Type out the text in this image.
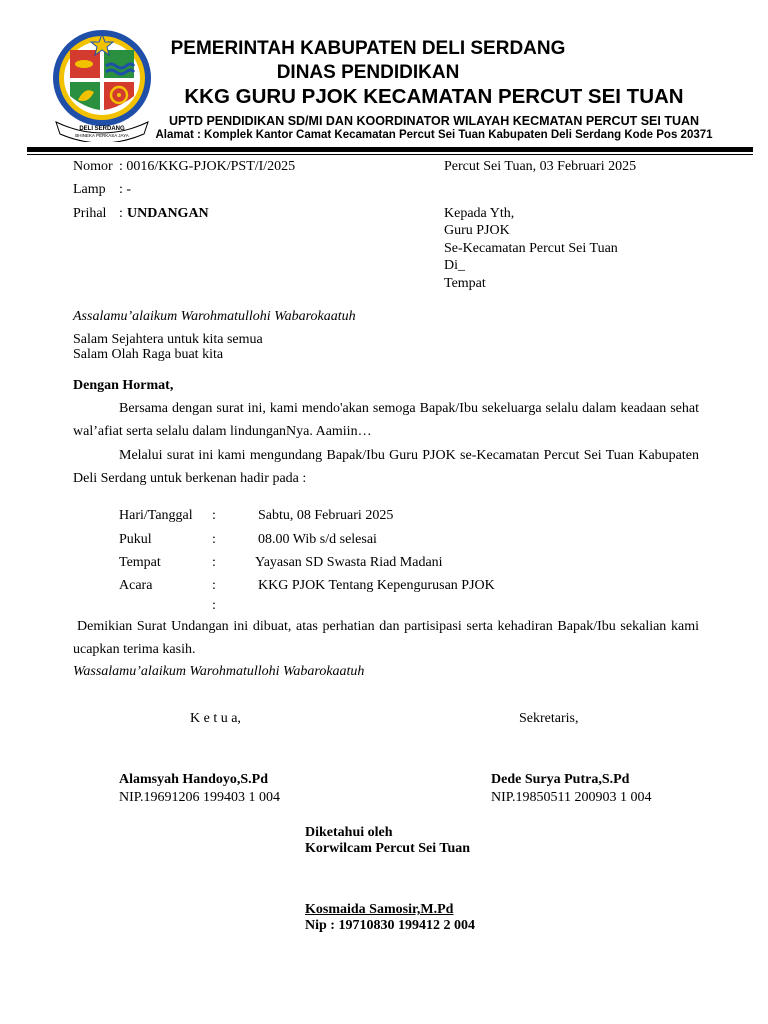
DELI SERDANG
BHINEKA PERKASA JAYA
PEMERINTAH KABUPATEN DELI SERDANG
DINAS PENDIDIKAN
KKG GURU PJOK KECAMATAN PERCUT SEI TUAN
UPTD PENDIDIKAN SD/MI DAN KOORDINATOR WILAYAH KECMATAN PERCUT SEI TUAN
Alamat : Komplek Kantor Camat Kecamatan Percut Sei Tuan Kabupaten Deli Serdang Kode Pos 20371
Nomor : 0016/KKG-PJOK/PST/I/2025
Lamp : -
Prihal : UNDANGAN
Percut Sei Tuan, 03 Februari 2025
Kepada Yth,
Guru PJOK
Se-Kecamatan Percut Sei Tuan
Di_
Tempat
Assalamu’alaikum Warohmatullohi Wabarokaatuh
Salam Sejahtera untuk kita semua
Salam Olah Raga buat kita
Dengan Hormat,

Bersama dengan surat ini, kami mendo'akan semoga Bapak/Ibu sekeluarga selalu dalam keadaan sehat wal’afiat serta selalu dalam lindunganNya. Aamiin…

Melalui surat ini kami mengundang Bapak/Ibu Guru PJOK se-Kecamatan Percut Sei Tuan Kabupaten Deli Serdang untuk berkenan hadir pada :

Hari/Tanggal :	Sabtu, 08 Februari 2025
Pukul	:	08.00 Wib s/d selesai
Tempat	:	Yayasan SD Swasta Riad Madani
Acara	:	KKG PJOK Tentang Kepengurusan PJOK
:

Demikian Surat Undangan ini dibuat, atas perhatian dan partisipasi serta kehadiran Bapak/Ibu sekalian kami ucapkan terima kasih.

Wassalamu’alaikum Warohmatullohi Wabarokaatuh
K e t u a,	Sekretaris,
Alamsyah Handoyo,S.Pd
NIP.19691206 199403 1 004
Dede Surya Putra,S.Pd
NIP.19850511 200903 1 004
Diketahui oleh
Korwilcam Percut Sei Tuan
Kosmaida Samosir,M.Pd
Nip : 19710830 199412 2 004
